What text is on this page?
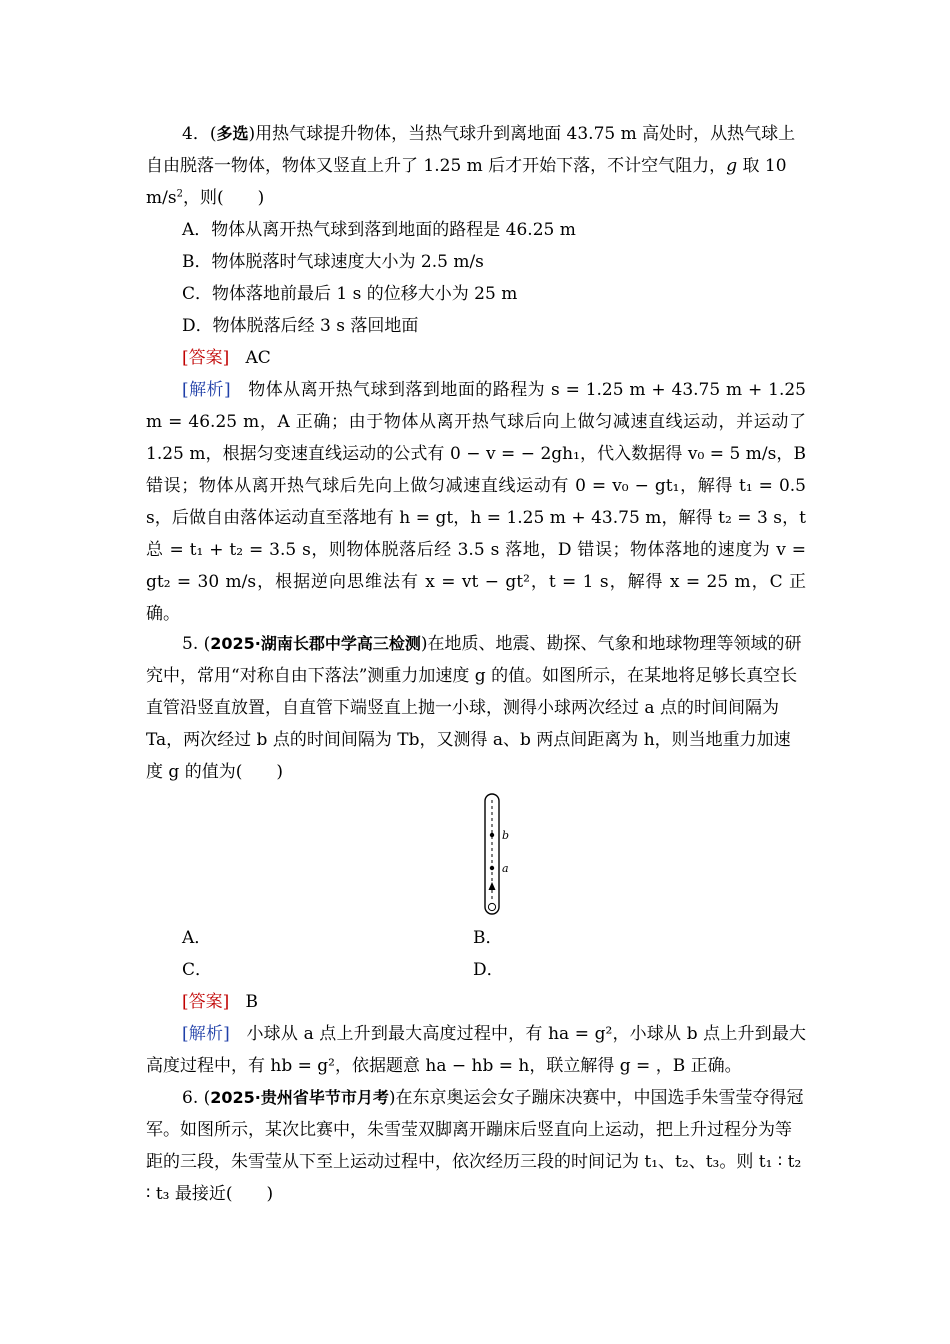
4．(多选)用热气球提升物体，当热气球升到离地面 43.75 m 高处时，从热气球上自由脱落一物体，物体又竖直上升了 1.25 m 后才开始下落，不计空气阻力，g 取 10 $m/s^2$，则(　　)

A．物体从离开热气球到落到地面的路程是 46.25 m

B．物体脱落时气球速度大小为 2.5 m/s

C．物体落地前最后 1 s 的位移大小为 25 m

D．物体脱落后经 3 s 落回地面

[答案] AC

[解析] 物体从离开热气球到落到地面的路程为 s = 1.25 m + 43.75 m + 1.25 m = 46.25 m，A 正确；由于物体从离开热气球后向上做匀减速直线运动，并运动了 1.25 m，根据匀变速直线运动的公式有 0 − v = − 2gh₁，代入数据得 v₀ = 5 m/s，B 错误；物体从离开热气球后先向上做匀减速直线运动有 0 = v₀ − gt₁，解得 t₁ = 0.5 s，后做自由落体运动直至落地有 h = gt，h = 1.25 m + 43.75 m，解得 t₂ = 3 s，t总 = t₁ + t₂ = 3.5 s，则物体脱落后经 3.5 s 落地，D 错误；物体落地的速度为 v = gt₂ = 30 m/s，根据逆向思维法有 x = vt − gt²，t = 1 s，解得 x = 25 m，C 正确。

5. (2025·湖南长郡中学高三检测)在地质、地震、勘探、气象和地球物理等领域的研究中，常用“对称自由下落法”测重力加速度 g 的值。如图所示，在某地将足够长真空长直管沿竖直放置，自直管下端竖直上抛一小球，测得小球两次经过 a 点的时间间隔为 Ta，两次经过 b 点的时间间隔为 Tb，又测得 a、b 两点间距离为 h，则当地重力加速度 g 的值为(　　)

b
a

A．	B．

C．	D．

[答案] B

[解析] 小球从 a 点上升到最大高度过程中，有 ha = g²，小球从 b 点上升到最大高度过程中，有 hb = g²，依据题意 ha − hb = h，联立解得 g = ，B 正确。

6. (2025·贵州省毕节市月考)在东京奥运会女子蹦床决赛中，中国选手朱雪莹夺得冠军。如图所示，某次比赛中，朱雪莹双脚离开蹦床后竖直向上运动，把上升过程分为等距的三段，朱雪莹从下至上运动过程中，依次经历三段的时间记为 t₁、t₂、t₃。则 t₁ ∶ t₂ ∶ t₃ 最接近(　　)
